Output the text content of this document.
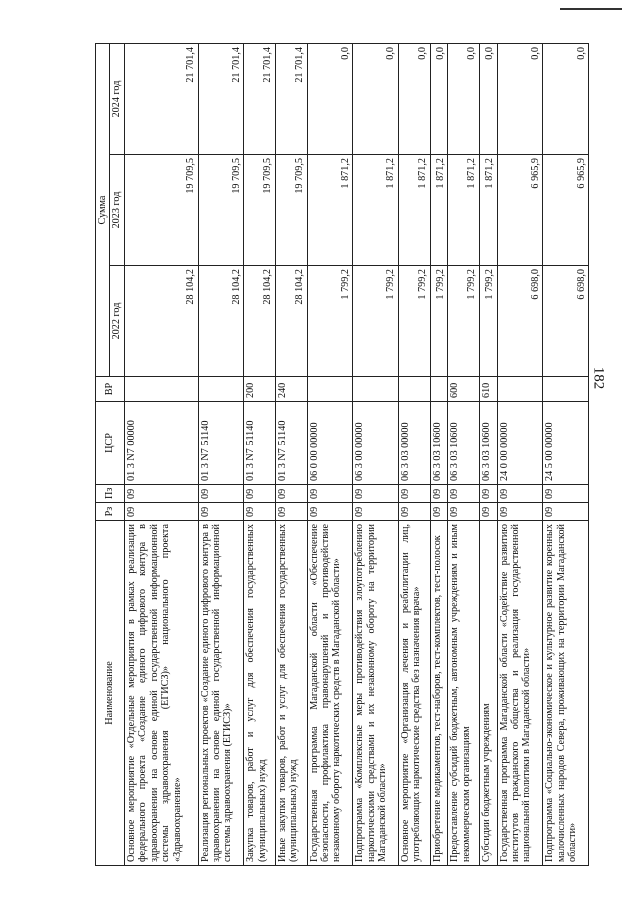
182
Наименование	Рз	Пз	ЦСР	ВР	Сумма		
					2022 год	2023 год	2024 год
Основное мероприятие «Отдельные мероприятия в рамках реализации федерального проекта «Создание единого цифрового контура в здравоохранении на основе единой государственной информационной системы здравоохранения (ЕГИСЗ)» национального проекта «Здравоохранение»	09	09	01 3 N7 00000		28 104,2	19 709,5	21 701,4
Реализация региональных проектов «Создание единого цифрового контура в здравоохранении на основе единой государственной информационной системы здравоохранения (ЕГИСЗ)»	09	09	01 3 N7 51140		28 104,2	19 709,5	21 701,4
Закупка товаров, работ и услуг для обеспечения государственных (муниципальных) нужд	09	09	01 3 N7 51140	200	28 104,2	19 709,5	21 701,4
Иные закупки товаров, работ и услуг для обеспечения государственных (муниципальных) нужд	09	09	01 3 N7 51140	240	28 104,2	19 709,5	21 701,4
Государственная программа Магаданской области «Обеспечение безопасности, профилактика правонарушений и противодействие незаконному обороту наркотических средств в Магаданской области»	09	09	06 0 00 00000		1 799,2	1 871,2	0,0
Подпрограмма «Комплексные меры противодействия злоупотреблению наркотическими средствами и их незаконному обороту на территории Магаданской области»	09	09	06 3 00 00000		1 799,2	1 871,2	0,0
Основное мероприятие «Организация лечения и реабилитации лиц, употребляющих наркотические средства без назначения врача»	09	09	06 3 03 00000		1 799,2	1 871,2	0,0
Приобретение медикаментов, тест-наборов, тест-комплектов, тест-полосок	09	09	06 3 03 10600		1 799,2	1 871,2	0,0
Предоставление субсидий бюджетным, автономным учреждениям и иным некоммерческим организациям	09	09	06 3 03 10600	600	1 799,2	1 871,2	0,0
Субсидии бюджетным учреждениям	09	09	06 3 03 10600	610	1 799,2	1 871,2	0,0
Государственная программа Магаданской области «Содействие развитию институтов гражданского общества и реализация государственной национальной политики в Магаданской области»	09	09	24 0 00 00000		6 698,0	6 965,9	0,0
Подпрограмма «Социально-экономическое и культурное развитие коренных малочисленных народов Севера, проживающих на территории Магаданской области»	09	09	24 5 00 00000		6 698,0	6 965,9	0,0
